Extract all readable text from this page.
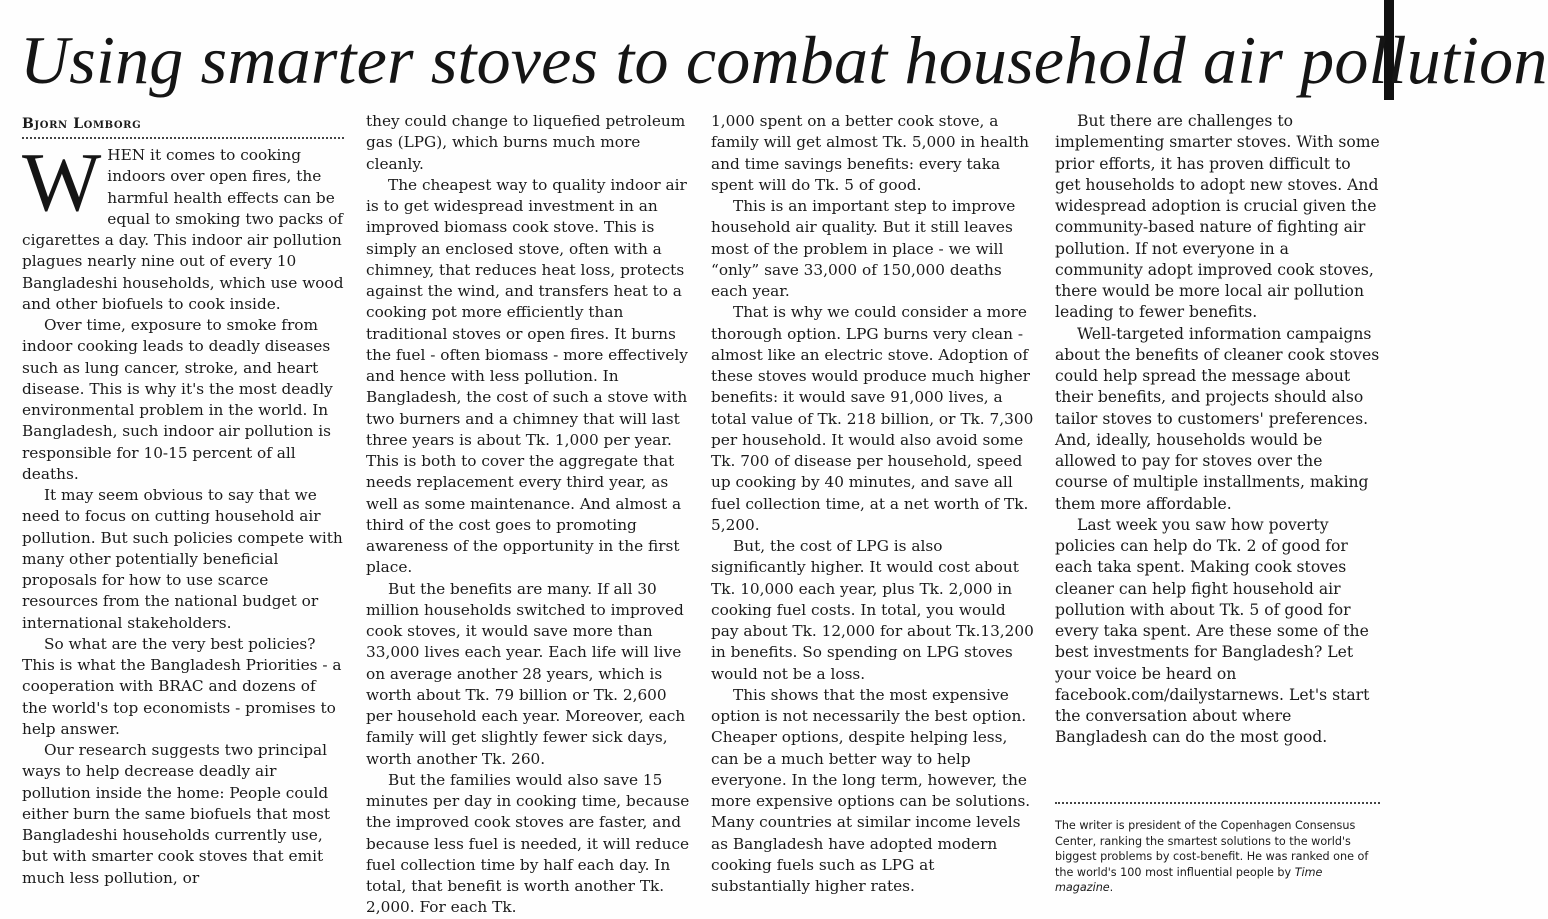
Using smarter stoves to combat household air pollution
Bjorn Lomborg

WHEN it comes to cooking indoors over open fires, the harmful health effects can be equal to smoking two packs of cigarettes a day. This indoor air pollution plagues nearly nine out of every 10 Bangladeshi households, which use wood and other biofuels to cook inside.

Over time, exposure to smoke from indoor cooking leads to deadly diseases such as lung cancer, stroke, and heart disease. This is why it's the most deadly environmental problem in the world. In Bangladesh, such indoor air pollution is responsible for 10-15 percent of all deaths.

It may seem obvious to say that we need to focus on cutting household air pollution. But such policies compete with many other potentially beneficial proposals for how to use scarce resources from the national budget or international stakeholders.

So what are the very best policies? This is what the Bangladesh Priorities - a cooperation with BRAC and dozens of the world's top economists - promises to help answer.

Our research suggests two principal ways to help decrease deadly air pollution inside the home: People could either burn the same biofuels that most Bangladeshi households currently use, but with smarter cook stoves that emit much less pollution, or

they could change to liquefied petroleum gas (LPG), which burns much more cleanly.

The cheapest way to quality indoor air is to get widespread investment in an improved biomass cook stove. This is simply an enclosed stove, often with a chimney, that reduces heat loss, protects against the wind, and transfers heat to a cooking pot more efficiently than traditional stoves or open fires. It burns the fuel - often biomass - more effectively and hence with less pollution. In Bangladesh, the cost of such a stove with two burners and a chimney that will last three years is about Tk. 1,000 per year. This is both to cover the aggregate that needs replacement every third year, as well as some maintenance. And almost a third of the cost goes to promoting awareness of the opportunity in the first place.

But the benefits are many. If all 30 million households switched to improved cook stoves, it would save more than 33,000 lives each year. Each life will live on average another 28 years, which is worth about Tk. 79 billion or Tk. 2,600 per household each year. Moreover, each family will get slightly fewer sick days, worth another Tk. 260.

But the families would also save 15 minutes per day in cooking time, because the improved cook stoves are faster, and because less fuel is needed, it will reduce fuel collection time by half each day. In total, that benefit is worth another Tk. 2,000. For each Tk.

1,000 spent on a better cook stove, a family will get almost Tk. 5,000 in health and time savings benefits: every taka spent will do Tk. 5 of good.

This is an important step to improve household air quality. But it still leaves most of the problem in place - we will “only” save 33,000 of 150,000 deaths each year.

That is why we could consider a more thorough option. LPG burns very clean - almost like an electric stove. Adoption of these stoves would produce much higher benefits: it would save 91,000 lives, a total value of Tk. 218 billion, or Tk. 7,300 per household. It would also avoid some Tk. 700 of disease per household, speed up cooking by 40 minutes, and save all fuel collection time, at a net worth of Tk. 5,200.

But, the cost of LPG is also significantly higher. It would cost about Tk. 10,000 each year, plus Tk. 2,000 in cooking fuel costs. In total, you would pay about Tk. 12,000 for about Tk.13,200 in benefits. So spending on LPG stoves would not be a loss.

This shows that the most expensive option is not necessarily the best option. Cheaper options, despite helping less, can be a much better way to help everyone. In the long term, however, the more expensive options can be solutions. Many countries at similar income levels as Bangladesh have adopted modern cooking fuels such as LPG at substantially higher rates.

But there are challenges to implementing smarter stoves. With some prior efforts, it has proven difficult to get households to adopt new stoves. And widespread adoption is crucial given the community-based nature of fighting air pollution. If not everyone in a community adopt improved cook stoves, there would be more local air pollution leading to fewer benefits.

Well-targeted information campaigns about the benefits of cleaner cook stoves could help spread the message about their benefits, and projects should also tailor stoves to customers' preferences. And, ideally, households would be allowed to pay for stoves over the course of multiple installments, making them more affordable.

Last week you saw how poverty policies can help do Tk. 2 of good for each taka spent. Making cook stoves cleaner can help fight household air pollution with about Tk. 5 of good for every taka spent. Are these some of the best investments for Bangladesh? Let your voice be heard on facebook.com/dailystarnews. Let's start the conversation about where Bangladesh can do the most good.

The writer is president of the Copenhagen Consensus Center, ranking the smartest solutions to the world's biggest problems by cost-benefit. He was ranked one of the world's 100 most influential people by Time magazine.
